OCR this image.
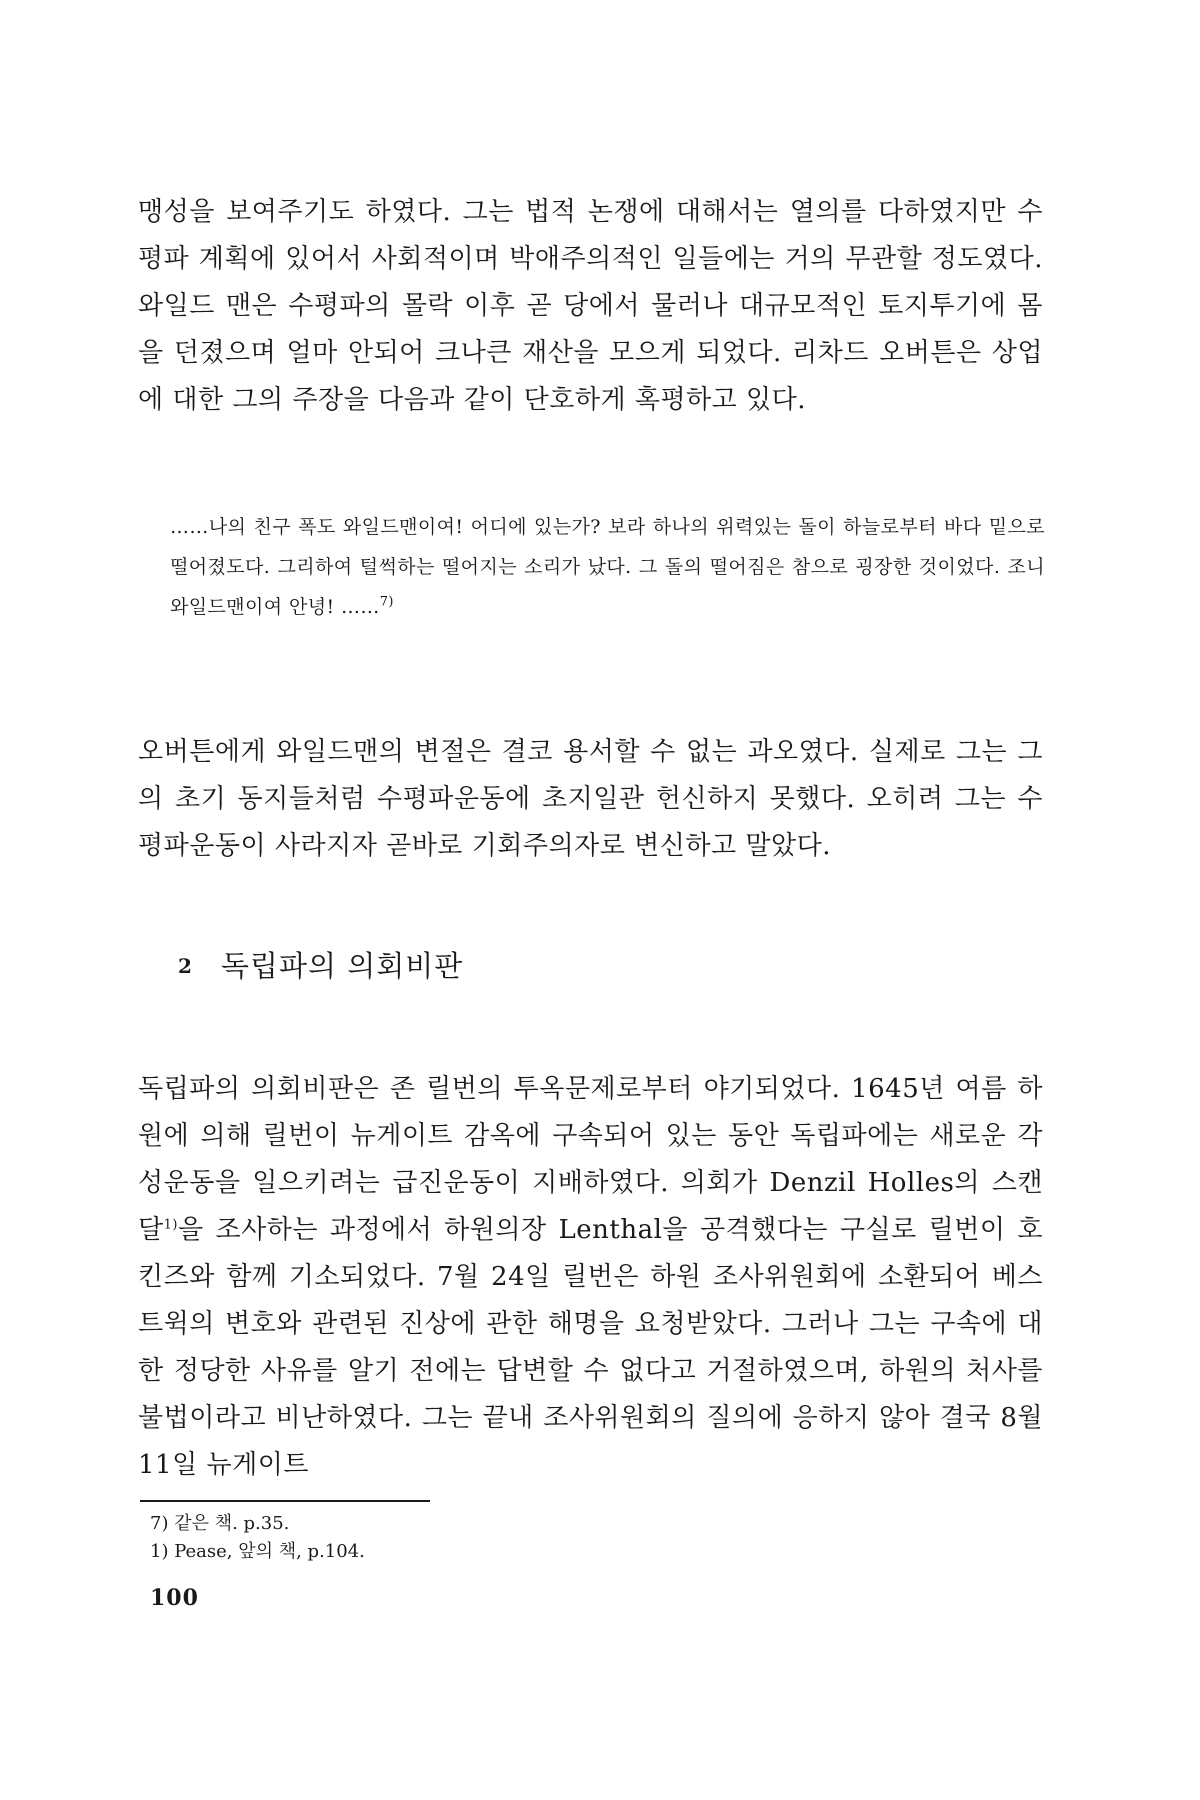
맹성을 보여주기도 하였다. 그는 법적 논쟁에 대해서는 열의를 다하였지만 수평파 계획에 있어서 사회적이며 박애주의적인 일들에는 거의 무관할 정도였다. 와일드 맨은 수평파의 몰락 이후 곧 당에서 물러나 대규모적인 토지투기에 몸을 던졌으며 얼마 안되어 크나큰 재산을 모으게 되었다. 리차드 오버튼은 상업에 대한 그의 주장을 다음과 같이 단호하게 혹평하고 있다.

……나의 친구 폭도 와일드맨이여! 어디에 있는가? 보라 하나의 위력있는 돌이 하늘로부터 바다 밑으로 떨어졌도다. 그리하여 털썩하는 떨어지는 소리가 났다. 그 돌의 떨어짐은 참으로 굉장한 것이었다. 조니 와일드맨이여 안녕! ……$^{7)}$

오버튼에게 와일드맨의 변절은 결코 용서할 수 없는 과오였다. 실제로 그는 그의 초기 동지들처럼 수평파운동에 초지일관 헌신하지 못했다. 오히려 그는 수평파운동이 사라지자 곧바로 기회주의자로 변신하고 말았다.

2 독립파의 의회비판

독립파의 의회비판은 존 릴번의 투옥문제로부터 야기되었다. 1645년 여름 하원에 의해 릴번이 뉴게이트 감옥에 구속되어 있는 동안 독립파에는 새로운 각성운동을 일으키려는 급진운동이 지배하였다. 의회가 Denzil Holles의 스캔달$^{1)}$을 조사하는 과정에서 하원의장 Lenthal을 공격했다는 구실로 릴번이 호킨즈와 함께 기소되었다. 7월 24일 릴번은 하원 조사위원회에 소환되어 베스트윅의 변호와 관련된 진상에 관한 해명을 요청받았다. 그러나 그는 구속에 대한 정당한 사유를 알기 전에는 답변할 수 없다고 거절하였으며, 하원의 처사를 불법이라고 비난하였다. 그는 끝내 조사위원회의 질의에 응하지 않아 결국 8월 11일 뉴게이트

7) 같은 책. p.35.
1) Pease, 앞의 책, p.104.
100
